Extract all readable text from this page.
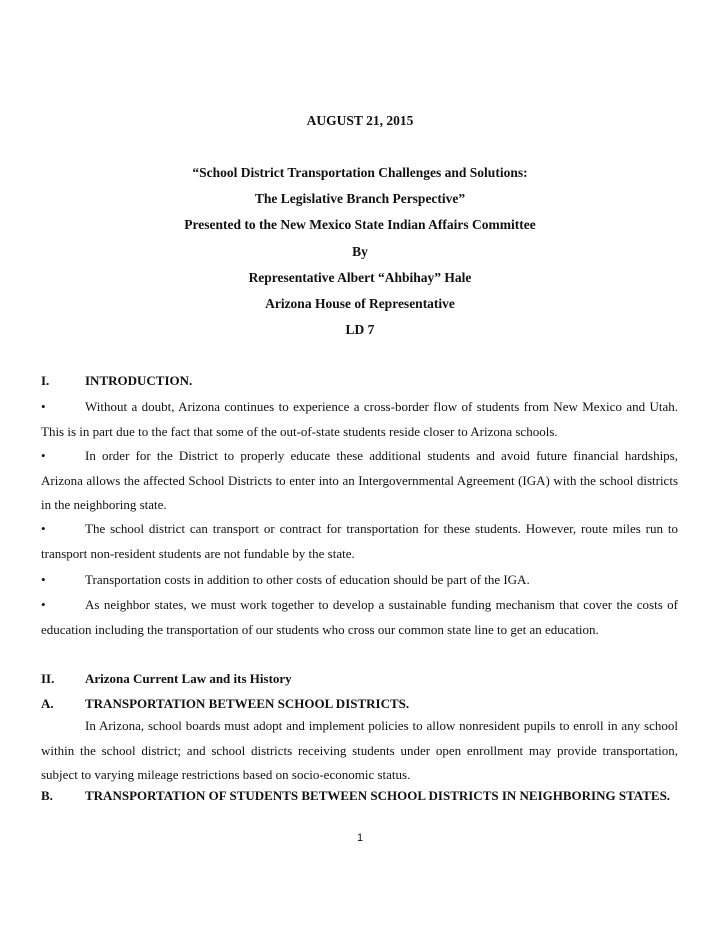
AUGUST 21, 2015
“School District Transportation Challenges and Solutions:
The Legislative Branch Perspective”
Presented to the New Mexico State Indian Affairs Committee
By
Representative Albert “Ahbihay” Hale
Arizona House of Representative
LD 7
I.	INTRODUCTION.
•	Without a doubt, Arizona continues to experience a cross-border flow of students from New Mexico and Utah. This is in part due to the fact that some of the out-of-state students reside closer to Arizona schools.
•	In order for the District to properly educate these additional students and avoid future financial hardships, Arizona allows the affected School Districts to enter into an Intergovernmental Agreement (IGA) with the school districts in the neighboring state.
•	The school district can transport or contract for transportation for these students. However, route miles run to transport non-resident students are not fundable by the state.
•	Transportation costs in addition to other costs of education should be part of the IGA.
•	As neighbor states, we must work together to develop a sustainable funding mechanism that cover the costs of education including the transportation of our students who cross our common state line to get an education.
II. Arizona Current Law and its History
A. TRANSPORTATION BETWEEN SCHOOL DISTRICTS.
In Arizona, school boards must adopt and implement policies to allow nonresident pupils to enroll in any school within the school district; and school districts receiving students under open enrollment may provide transportation, subject to varying mileage restrictions based on socio-economic status.
B. TRANSPORTATION OF STUDENTS BETWEEN SCHOOL DISTRICTS IN NEIGHBORING STATES.
1
